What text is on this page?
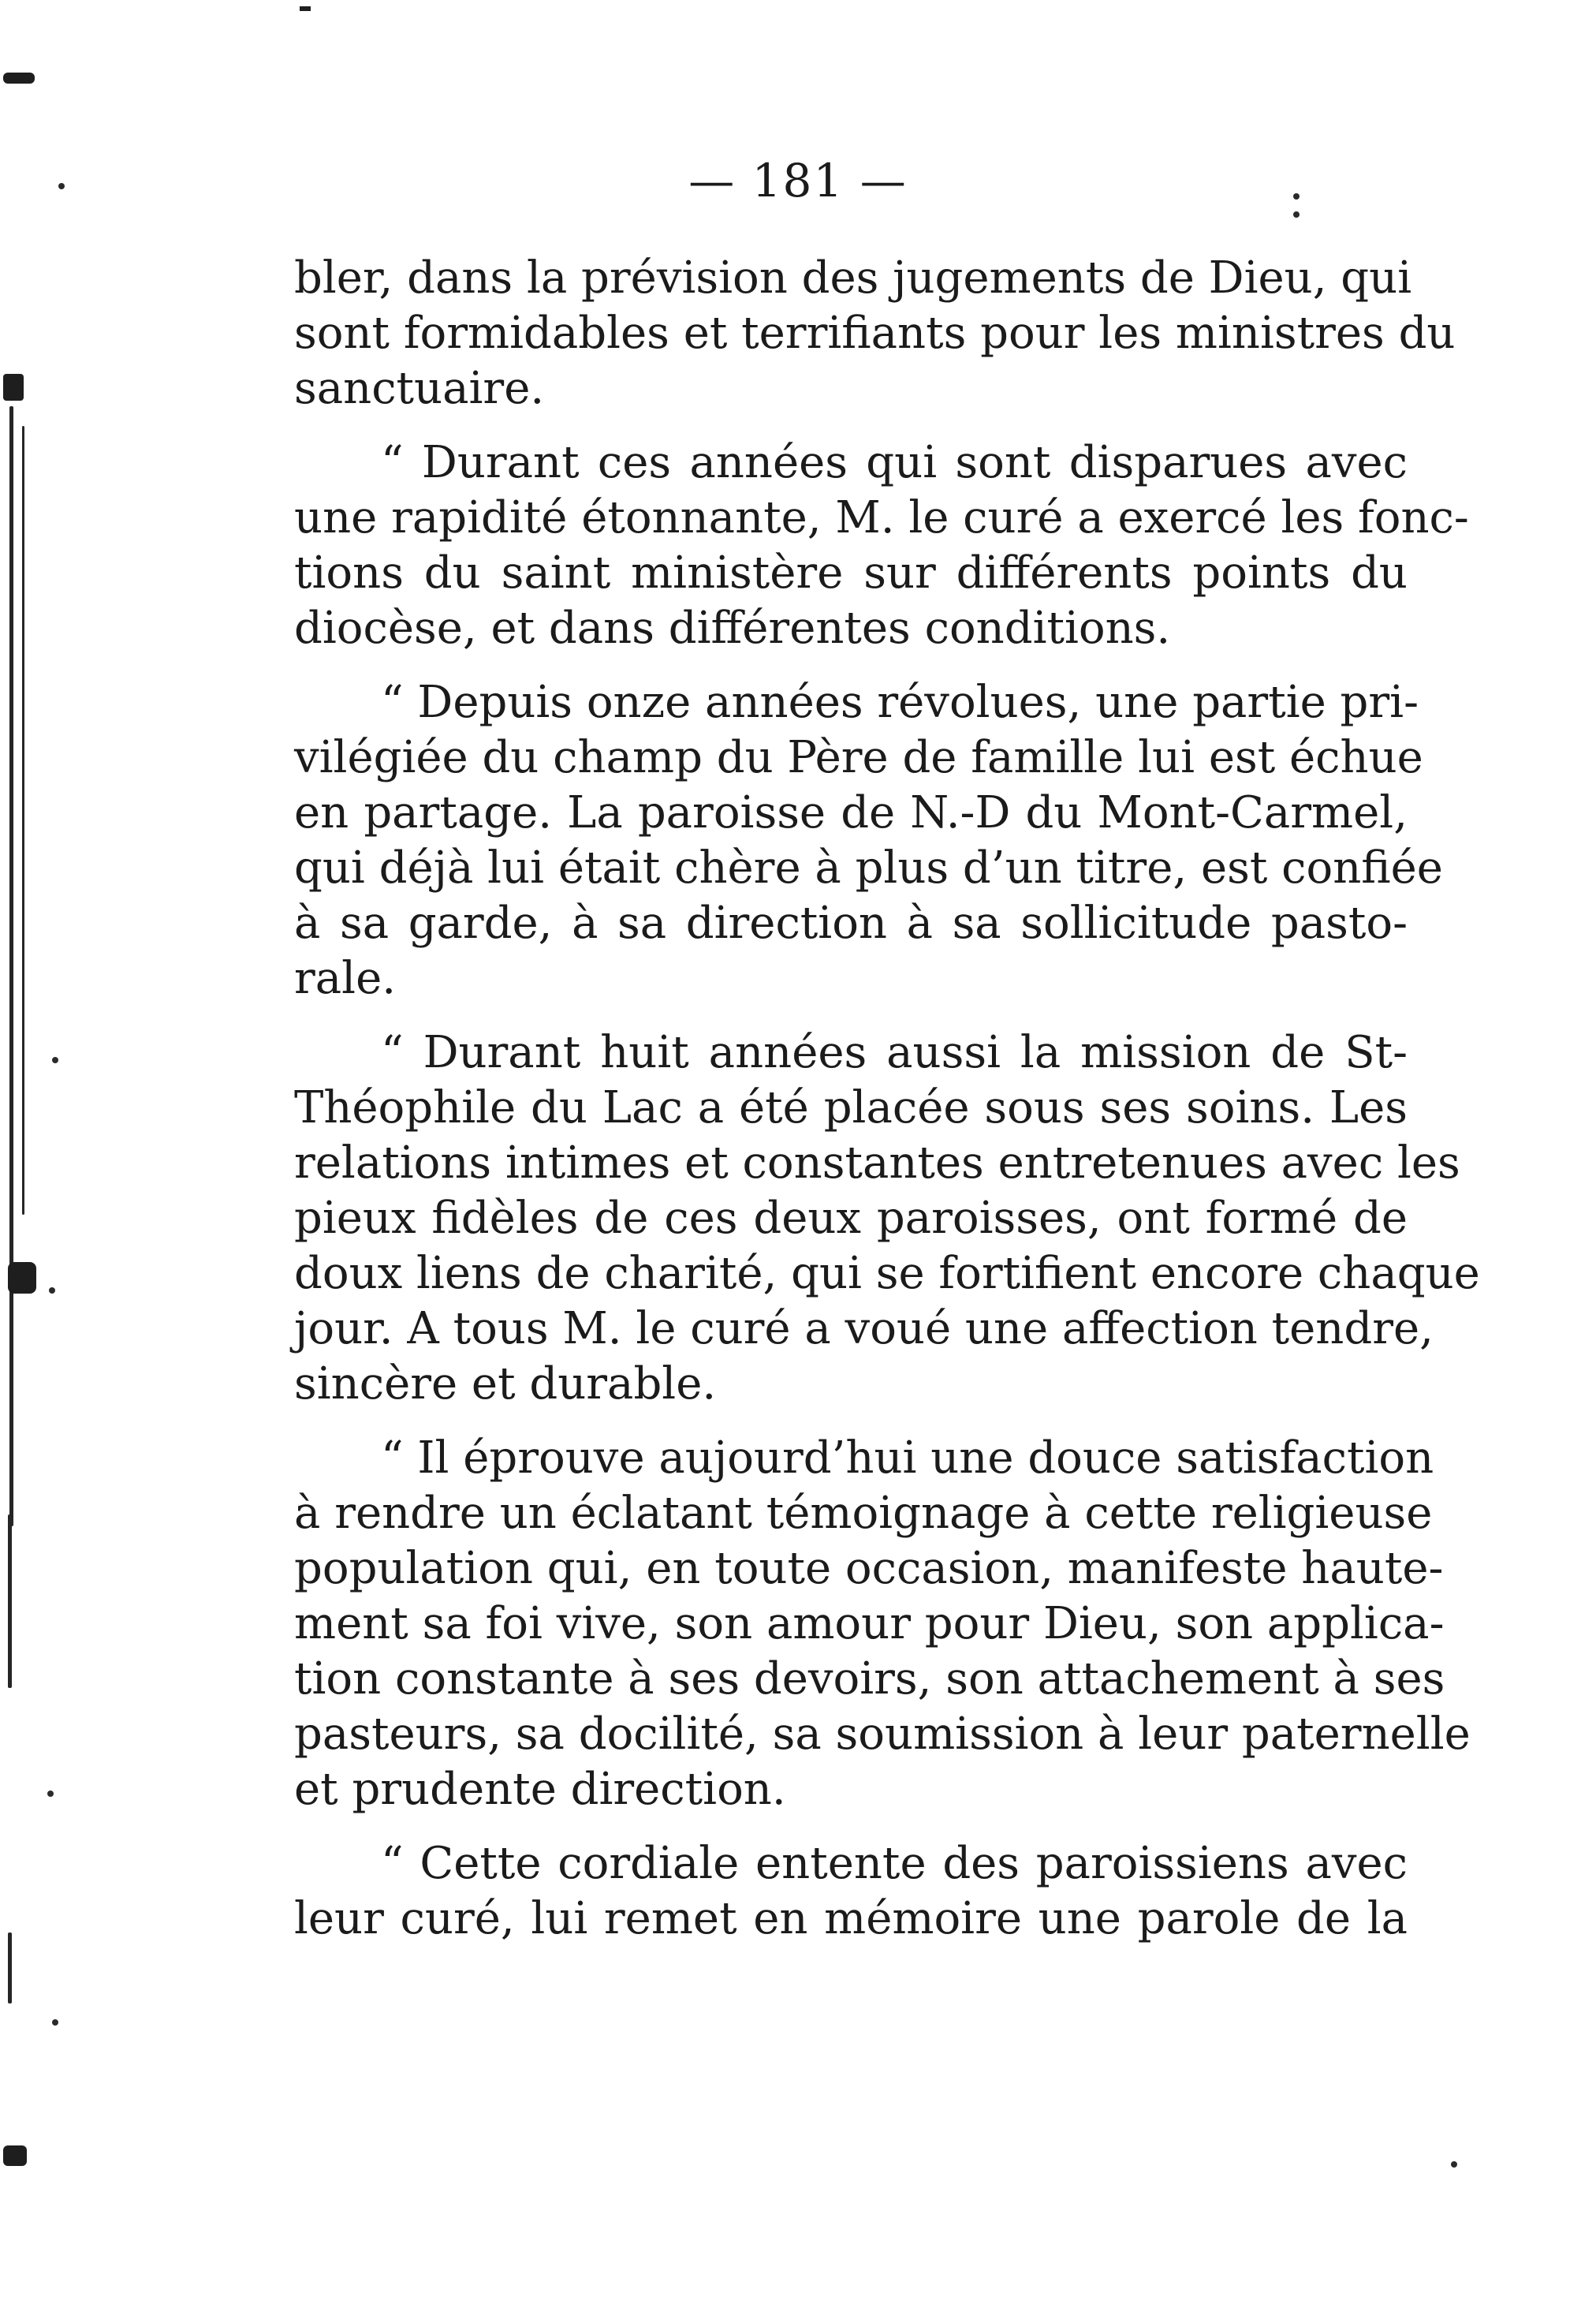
— 181 —
bler, dans la prévision des jugements de Dieu, qui
sont formidables et terrifiants pour les ministres du
sanctuaire.
“ Durant ces années qui sont disparues avec
une rapidité étonnante, M. le curé a exercé les fonc-
tions du saint ministère sur différents points du
diocèse, et dans différentes conditions.
“ Depuis onze années révolues, une partie pri-
vilégiée du champ du Père de famille lui est échue
en partage. La paroisse de N.-D du Mont-Carmel,
qui déjà lui était chère à plus d’un titre, est confiée
à sa garde, à sa direction à sa sollicitude pasto-
rale.
“ Durant huit années aussi la mission de St-
Théophile du Lac a été placée sous ses soins. Les
relations intimes et constantes entretenues avec les
pieux fidèles de ces deux paroisses, ont formé de
doux liens de charité, qui se fortifient encore chaque
jour. A tous M. le curé a voué une affection tendre,
sincère et durable.
“ Il éprouve aujourd’hui une douce satisfaction
à rendre un éclatant témoignage à cette religieuse
population qui, en toute occasion, manifeste haute-
ment sa foi vive, son amour pour Dieu, son applica-
tion constante à ses devoirs, son attachement à ses
pasteurs, sa docilité, sa soumission à leur paternelle
et prudente direction.
“ Cette cordiale entente des paroissiens avec
leur curé, lui remet en mémoire une parole de la
